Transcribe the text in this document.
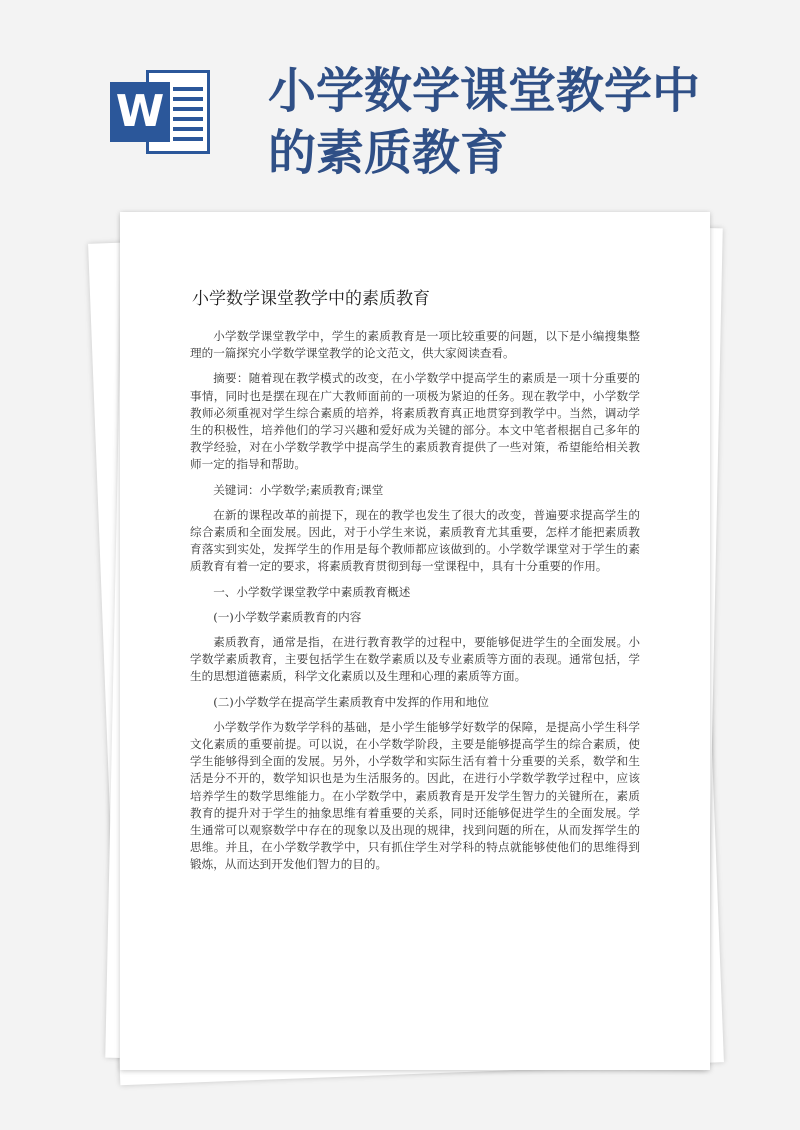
W 小学数学课堂教学中的素质教育
小学数学课堂教学中的素质教育

小学数学课堂教学中，学生的素质教育是一项比较重要的问题，以下是小编搜集整理的一篇探究小学数学课堂教学的论文范文，供大家阅读查看。

摘要：随着现在教学模式的改变，在小学数学中提高学生的素质是一项十分重要的事情，同时也是摆在现在广大教师面前的一项极为紧迫的任务。现在教学中，小学数学教师必须重视对学生综合素质的培养，将素质教育真正地贯穿到教学中。当然，调动学生的积极性，培养他们的学习兴趣和爱好成为关键的部分。本文中笔者根据自己多年的教学经验，对在小学数学教学中提高学生的素质教育提供了一些对策，希望能给相关教师一定的指导和帮助。

关键词：小学数学;素质教育;课堂

在新的课程改革的前提下，现在的教学也发生了很大的改变，普遍要求提高学生的综合素质和全面发展。因此，对于小学生来说，素质教育尤其重要，怎样才能把素质教育落实到实处，发挥学生的作用是每个教师都应该做到的。小学数学课堂对于学生的素质教育有着一定的要求，将素质教育贯彻到每一堂课程中，具有十分重要的作用。

一、小学数学课堂教学中素质教育概述

(一)小学数学素质教育的内容

素质教育，通常是指，在进行教育教学的过程中，要能够促进学生的全面发展。小学数学素质教育，主要包括学生在数学素质以及专业素质等方面的表现。通常包括，学生的思想道德素质，科学文化素质以及生理和心理的素质等方面。

(二)小学数学在提高学生素质教育中发挥的作用和地位

小学数学作为数学学科的基础，是小学生能够学好数学的保障，是提高小学生科学文化素质的重要前提。可以说，在小学数学阶段，主要是能够提高学生的综合素质，使学生能够得到全面的发展。另外，小学数学和实际生活有着十分重要的关系，数学和生活是分不开的，数学知识也是为生活服务的。因此，在进行小学数学教学过程中，应该培养学生的数学思维能力。在小学数学中，素质教育是开发学生智力的关键所在，素质教育的提升对于学生的抽象思维有着重要的关系，同时还能够促进学生的全面发展。学生通常可以观察数学中存在的现象以及出现的规律，找到问题的所在，从而发挥学生的思维。并且，在小学数学教学中，只有抓住学生对学科的特点就能够使他们的思维得到锻炼，从而达到开发他们智力的目的。
